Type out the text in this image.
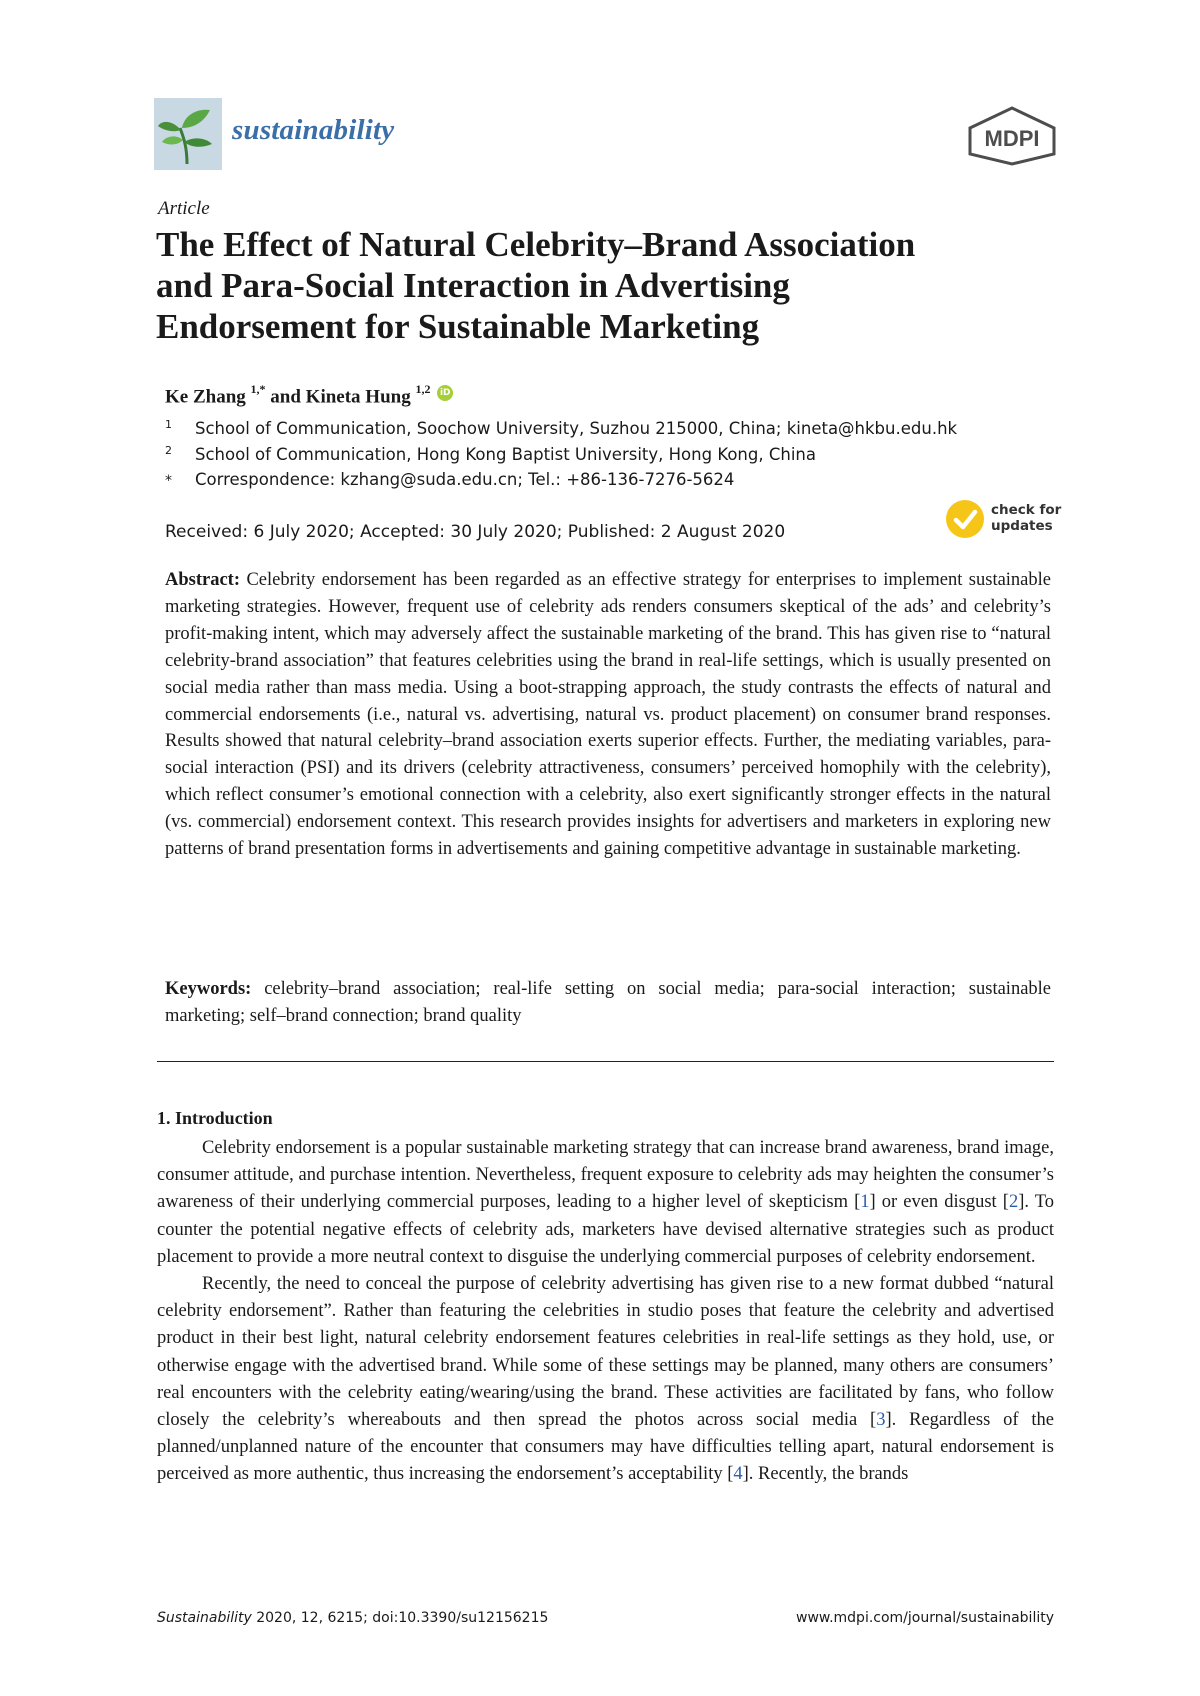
sustainability	MDPI
Article
The Effect of Natural Celebrity–Brand Association
and Para-Social Interaction in Advertising
Endorsement for Sustainable Marketing
Ke Zhang $^{1,*}$ and Kineta Hung $^{1,2}$ iD
1 School of Communication, Soochow University, Suzhou 215000, China; kineta@hkbu.edu.hk
2 School of Communication, Hong Kong Baptist University, Hong Kong, China
* Correspondence: kzhang@suda.edu.cn; Tel.: +86-136-7276-5624
Received: 6 July 2020; Accepted: 30 July 2020; Published: 2 August 2020
check for
updates

Abstract: Celebrity endorsement has been regarded as an effective strategy for enterprises to implement sustainable marketing strategies. However, frequent use of celebrity ads renders consumers skeptical of the ads’ and celebrity’s profit-making intent, which may adversely affect the sustainable marketing of the brand. This has given rise to “natural celebrity-brand association” that features celebrities using the brand in real-life settings, which is usually presented on social media rather than mass media. Using a boot-strapping approach, the study contrasts the effects of natural and commercial endorsements (i.e., natural vs. advertising, natural vs. product placement) on consumer brand responses. Results showed that natural celebrity–brand association exerts superior effects. Further, the mediating variables, para-social interaction (PSI) and its drivers (celebrity attractiveness, consumers’ perceived homophily with the celebrity), which reflect consumer’s emotional connection with a celebrity, also exert significantly stronger effects in the natural (vs. commercial) endorsement context. This research provides insights for advertisers and marketers in exploring new patterns of brand presentation forms in advertisements and gaining competitive advantage in sustainable marketing.

Keywords: celebrity–brand association; real-life setting on social media; para-social interaction; sustainable marketing; self–brand connection; brand quality

1. Introduction

Celebrity endorsement is a popular sustainable marketing strategy that can increase brand awareness, brand image, consumer attitude, and purchase intention. Nevertheless, frequent exposure to celebrity ads may heighten the consumer’s awareness of their underlying commercial purposes, leading to a higher level of skepticism [1] or even disgust [2]. To counter the potential negative effects of celebrity ads, marketers have devised alternative strategies such as product placement to provide a more neutral context to disguise the underlying commercial purposes of celebrity endorsement.

Recently, the need to conceal the purpose of celebrity advertising has given rise to a new format dubbed “natural celebrity endorsement”. Rather than featuring the celebrities in studio poses that feature the celebrity and advertised product in their best light, natural celebrity endorsement features celebrities in real-life settings as they hold, use, or otherwise engage with the advertised brand. While some of these settings may be planned, many others are consumers’ real encounters with the celebrity eating/wearing/using the brand. These activities are facilitated by fans, who follow closely the celebrity’s whereabouts and then spread the photos across social media [3]. Regardless of the planned/unplanned nature of the encounter that consumers may have difficulties telling apart, natural endorsement is perceived as more authentic, thus increasing the endorsement’s acceptability [4]. Recently, the brands

Sustainability 2020, 12, 6215; doi:10.3390/su12156215	www.mdpi.com/journal/sustainability
